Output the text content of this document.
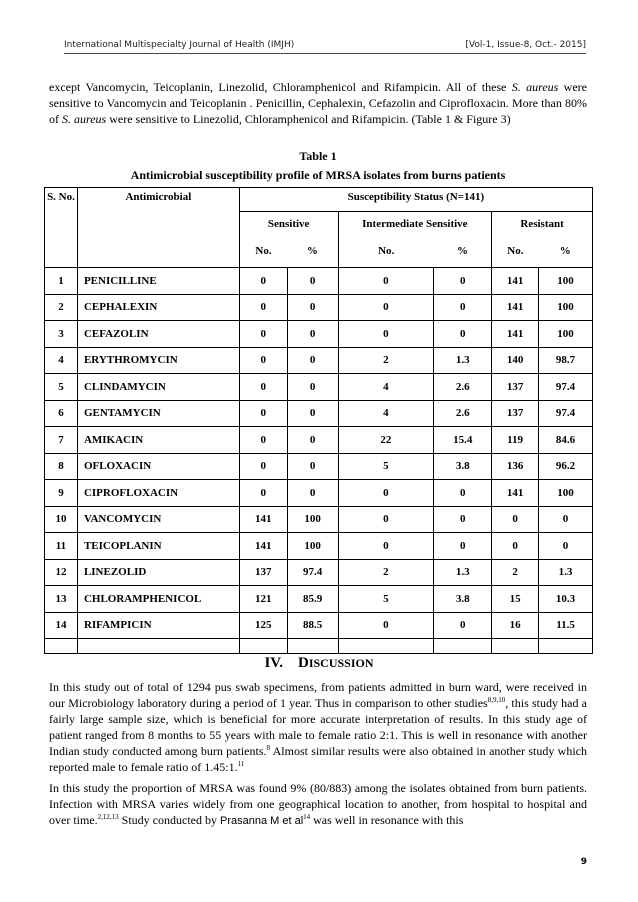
International Multispecialty Journal of Health (IMJH)	[Vol-1, Issue-8, Oct.- 2015]

except Vancomycin, Teicoplanin, Linezolid, Chloramphenicol and Rifampicin. All of these S. aureus were sensitive to Vancomycin and Teicoplanin . Penicillin, Cephalexin, Cefazolin and Ciprofloxacin. More than 80% of S. aureus were sensitive to Linezolid, Chloramphenicol and Rifampicin. (Table 1 & Figure 3)

Table 1
Antimicrobial susceptibility profile of MRSA isolates from burns patients
S. No.	Antimicrobial	Susceptibility Status (N=141)					
		Sensitive		Intermediate Sensitive		Resistant	
		No.	%	No.	%	No.	%
1	PENICILLINE	0	0	0	0	141	100
2	CEPHALEXIN	0	0	0	0	141	100
3	CEFAZOLIN	0	0	0	0	141	100
4	ERYTHROMYCIN	0	0	2	1.3	140	98.7
5	CLINDAMYCIN	0	0	4	2.6	137	97.4
6	GENTAMYCIN	0	0	4	2.6	137	97.4
7	AMIKACIN	0	0	22	15.4	119	84.6
8	OFLOXACIN	0	0	5	3.8	136	96.2
9	CIPROFLOXACIN	0	0	0	0	141	100
10	VANCOMYCIN	141	100	0	0	0	0
11	TEICOPLANIN	141	100	0	0	0	0
12	LINEZOLID	137	97.4	2	1.3	2	1.3
13	CHLORAMPHENICOL	121	85.9	5	3.8	15	10.3
14	RIFAMPICIN	125	88.5	0	0	16	11.5

IV. DISCUSSION

In this study out of total of 1294 pus swab specimens, from patients admitted in burn ward, were received in our Microbiology laboratory during a period of 1 year. Thus in comparison to other studies$^{8,9,10}$, this study had a fairly large sample size, which is beneficial for more accurate interpretation of results. In this study age of patient ranged from 8 months to 55 years with male to female ratio 2:1. This is well in resonance with another Indian study conducted among burn patients.$^8$ Almost similar results were also obtained in another study which reported male to female ratio of 1.45:1.11

In this study the proportion of MRSA was found 9% (80/883) among the isolates obtained from burn patients. Infection with MRSA varies widely from one geographical location to another, from hospital to hospital and over time.$^{2,12,13}$ Study conducted by Prasanna M et $al^{14}$ was well in resonance with this

9
